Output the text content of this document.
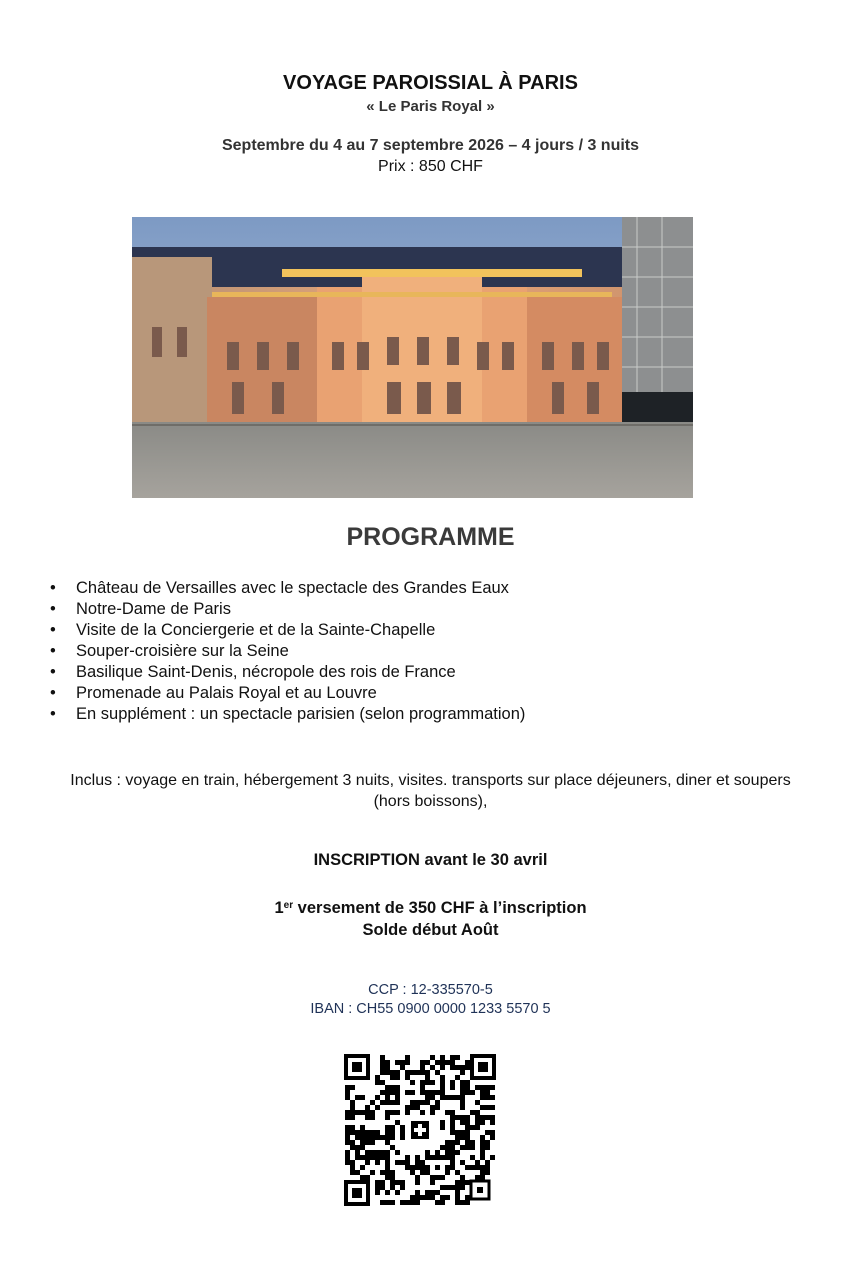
VOYAGE PAROISSIAL À PARIS
« Le Paris Royal »
Septembre du 4 au 7 septembre 2026 – 4 jours / 3 nuits
Prix : 850 CHF
PROGRAMME
• Château de Versailles avec le spectacle des Grandes Eaux
• Notre-Dame de Paris
• Visite de la Conciergerie et de la Sainte-Chapelle
• Souper-croisière sur la Seine
• Basilique Saint-Denis, nécropole des rois de France
• Promenade au Palais Royal et au Louvre
• En supplément : un spectacle parisien (selon programmation)
Inclus : voyage en train, hébergement 3 nuits, visites. transports sur place déjeuners, diner et soupers
(hors boissons),
INSCRIPTION avant le 30 avril
1er versement de 350 CHF à l’inscription
Solde début Août
CCP : 12-335570-5
IBAN : CH55 0900 0000 1233 5570 5
